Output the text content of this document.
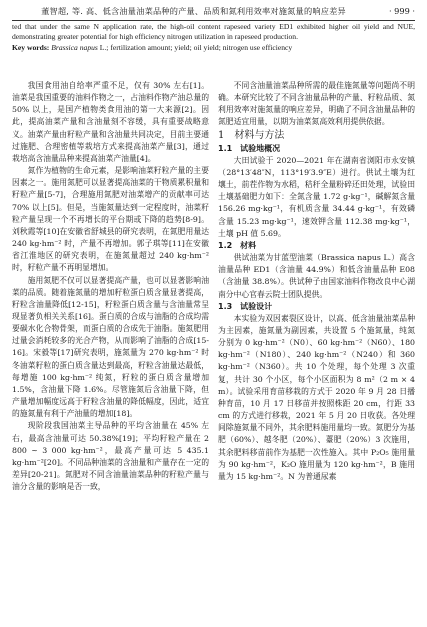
董智超, 等. 高、低含油量油菜品种的产量、品质和氮利用效率对施氮量的响应差异	· 999 ·
ted that under the same N application rate, the high-oil content rapeseed variety ED1 exhibited higher oil yield and NUE, demonstrating greater potential for high efficiency nitrogen utilization in rapeseed production.
Key words: Brassica napus L.; fertilization amount; yield; oil yield; nitrogen use efficiency

我国食用油自给率严重不足，仅有 30% 左右[1]。油菜是我国重要的油料作物之一，占油料作物产油总量的 50% 以上，是国产植物类食用油的第一大来源[2]。因此，提高油菜产量和含油量刻不容缓，具有重要战略意义。油菜产量由籽粒产量和含油量共同决定，目前主要通过施肥、合理密植等栽培方式来提高油菜产量[3]，通过栽培高含油量品种来提高油菜产油量[4]。

氮作为植物的生命元素，是影响油菜籽粒产量的主要因素之一。施用氮肥可以显著提高油菜的干物质累积量和籽粒产量[5-7]，合理施用氮肥对油菜增产的贡献率可达 70% 以上[5]。但是，当施氮量达到一定程度时，油菜籽粒产量呈现一个不再增长的平台期或下降的趋势[8-9]。刘秋霞等[10]在安徽省舒城县的研究表明，在氮肥用量达 240 kg·hm⁻² 时，产量不再增加。郭子琪等[11]在安徽省江淮地区的研究表明，在施氮量超过 240 kg·hm⁻² 时，籽粒产量不再明显增加。

施用氮肥不仅可以显著提高产量，也可以显著影响油菜的品质。随着施氮量的增加籽粒蛋白质含量显著提高，籽粒含油量降低[12-15]，籽粒蛋白质含量与含油量常呈现显著负相关关系[16]。蛋白质的合成与油脂的合成均需要碳水化合物骨架，而蛋白质的合成先于油脂。施氮肥用过量会消耗较多的光合产物，从而影响了油脂的合成[15-16]。宋毅等[17]研究表明，施氮量为 270 kg·hm⁻² 时冬油菜籽粒的蛋白质含量达到最高，籽粒含油量达最低，每增施 100 kg·hm⁻² 纯氮，籽粒的蛋白质含量增加 1.5%，含油量下降 1.6%。尽管施氮后含油量下降，但产量增加幅度远高于籽粒含油量的降低幅度，因此，适宜的施氮量有利于产油量的增加[18]。

现阶段我国油菜主导品种的平均含油量在 45% 左右，最高含油量可达 50.38%[19]；平均籽粒产量在 2 800 ~ 3 000 kg·hm⁻²，最高产量可达 5 435.1 kg·hm⁻²[20]。不同品种油菜的含油量和产量存在一定的差异[20-21]。氮肥对不同含油量油菜品种的籽粒产量与油分含量的影响是否一致，

不同含油量油菜品种所需的最佳施氮量等问题尚不明确。本研究比较了不同含油量品种的产量、籽粒品质、氮利用效率对施氮量的响应差异，明确了不同含油量品种的氮肥适宜用量，以期为油菜氮高效利用提供依据。

1　材料与方法

1.1　试验地概况

大田试验于 2020—2021 年在湖南省浏阳市永安镇（28°13′48″N，113°19′3.9″E）进行。供试土壤为红壤土，前茬作物为水稻，秸秆全量粉碎还田处理，试验田土壤基础肥力如下：全氮含量 1.72 g·kg⁻¹，碱解氮含量 156.26 mg·kg⁻¹，有机质含量 34.44 g·kg⁻¹，有效磷含量 15.23 mg·kg⁻¹，速效钾含量 112.38 mg·kg⁻¹，土壤 pH 值 5.69。

1.2　材料

供试油菜为甘蓝型油菜（Brassica napus L.）高含油量品种 ED1（含油量 44.9%）和低含油量品种 E08（含油量 38.8%）。供试种子由国家油料作物改良中心湖南分中心官春云院士团队提供。

1.3　试验设计

本实验为双因素裂区设计，以高、低含油量油菜品种为主因素，施氮量为副因素，共设置 5 个施氮量，纯氮分别为 0 kg·hm⁻²（N0）、60 kg·hm⁻²（N60）、180 kg·hm⁻²（N180）、240 kg·hm⁻²（N240）和 360 kg·hm⁻²（N360）。共 10 个处理，每个处理 3 次重复，共计 30 个小区，每个小区面积为 8 m²（2 m × 4 m）。试验采用育苗移栽的方式于 2020 年 9 月 28 日播种育苗，10 月 17 日移苗并按照株距 20 cm，行距 33 cm 的方式进行移栽，2021 年 5 月 20 日收获。各处理间除施氮量不同外，其余肥料施用量均一致。氮肥分为基肥（60%）、越冬肥（20%）、薹肥（20%）3 次施用，其余肥料移苗前作为基肥一次性施入。其中 P₂O₅ 施用量为 90 kg·hm⁻²，K₂O 施用量为 120 kg·hm⁻²，B 施用量为 15 kg·hm⁻²。N 为普通尿素
